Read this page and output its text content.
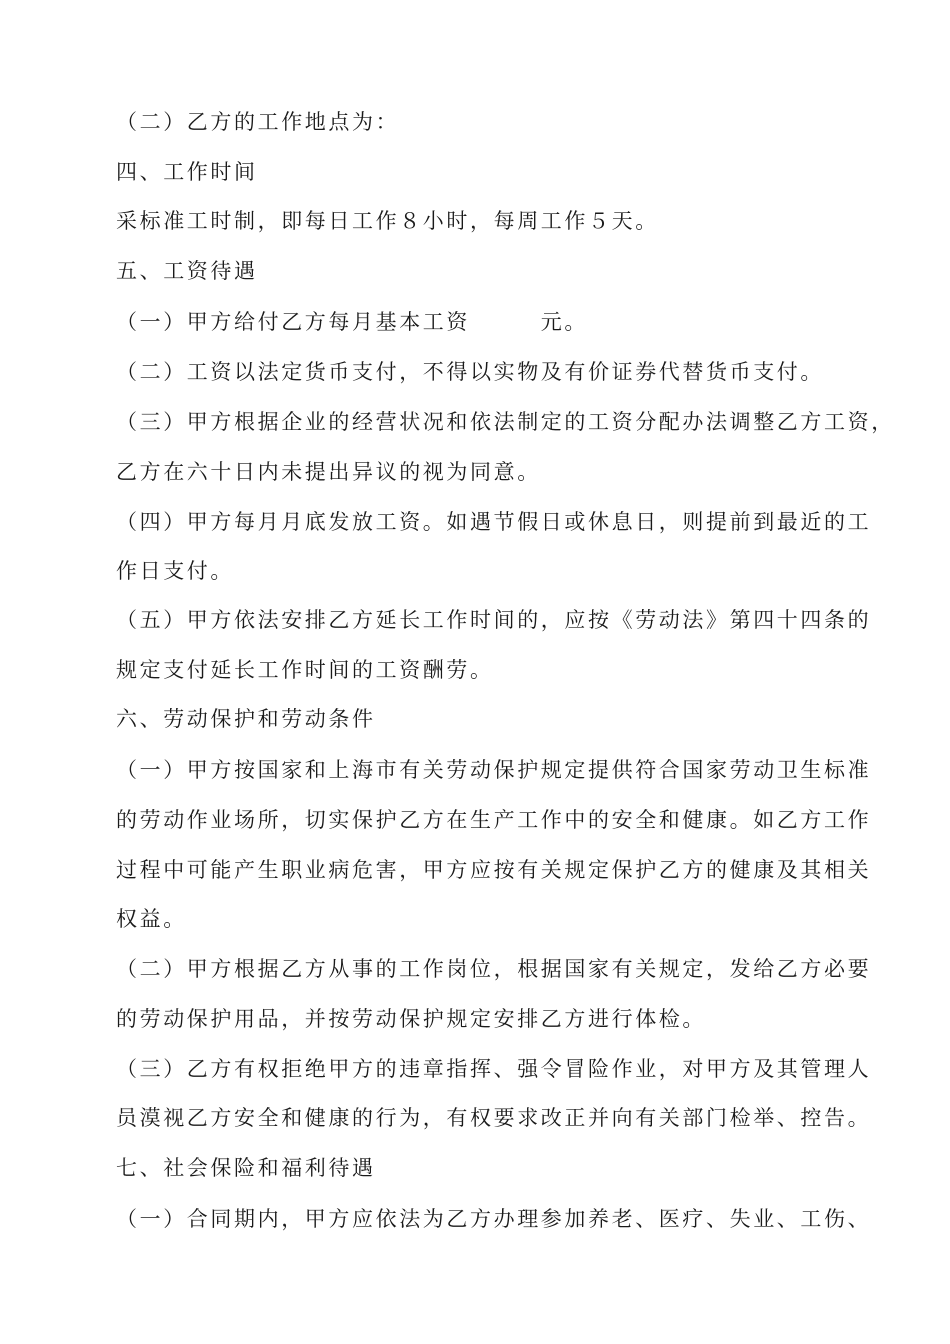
（二）乙方的工作地点为：

四、工作时间

采标准工时制，即每日工作８小时，每周工作５天。

五、工资待遇

（一）甲方给付乙方每月基本工资　　　元。

（二）工资以法定货币支付，不得以实物及有价证券代替货币支付。

（三）甲方根据企业的经营状况和依法制定的工资分配办法调整乙方工资，

乙方在六十日内未提出异议的视为同意。

（四）甲方每月月底发放工资。如遇节假日或休息日，则提前到最近的工

作日支付。

（五）甲方依法安排乙方延长工作时间的，应按《劳动法》第四十四条的

规定支付延长工作时间的工资酬劳。

六、劳动保护和劳动条件

（一）甲方按国家和上海市有关劳动保护规定提供符合国家劳动卫生标准

的劳动作业场所，切实保护乙方在生产工作中的安全和健康。如乙方工作

过程中可能产生职业病危害，甲方应按有关规定保护乙方的健康及其相关

权益。

（二）甲方根据乙方从事的工作岗位，根据国家有关规定，发给乙方必要

的劳动保护用品，并按劳动保护规定安排乙方进行体检。

（三）乙方有权拒绝甲方的违章指挥、强令冒险作业，对甲方及其管理人

员漠视乙方安全和健康的行为，有权要求改正并向有关部门检举、控告。

七、社会保险和福利待遇

（一）合同期内，甲方应依法为乙方办理参加养老、医疗、失业、工伤、
